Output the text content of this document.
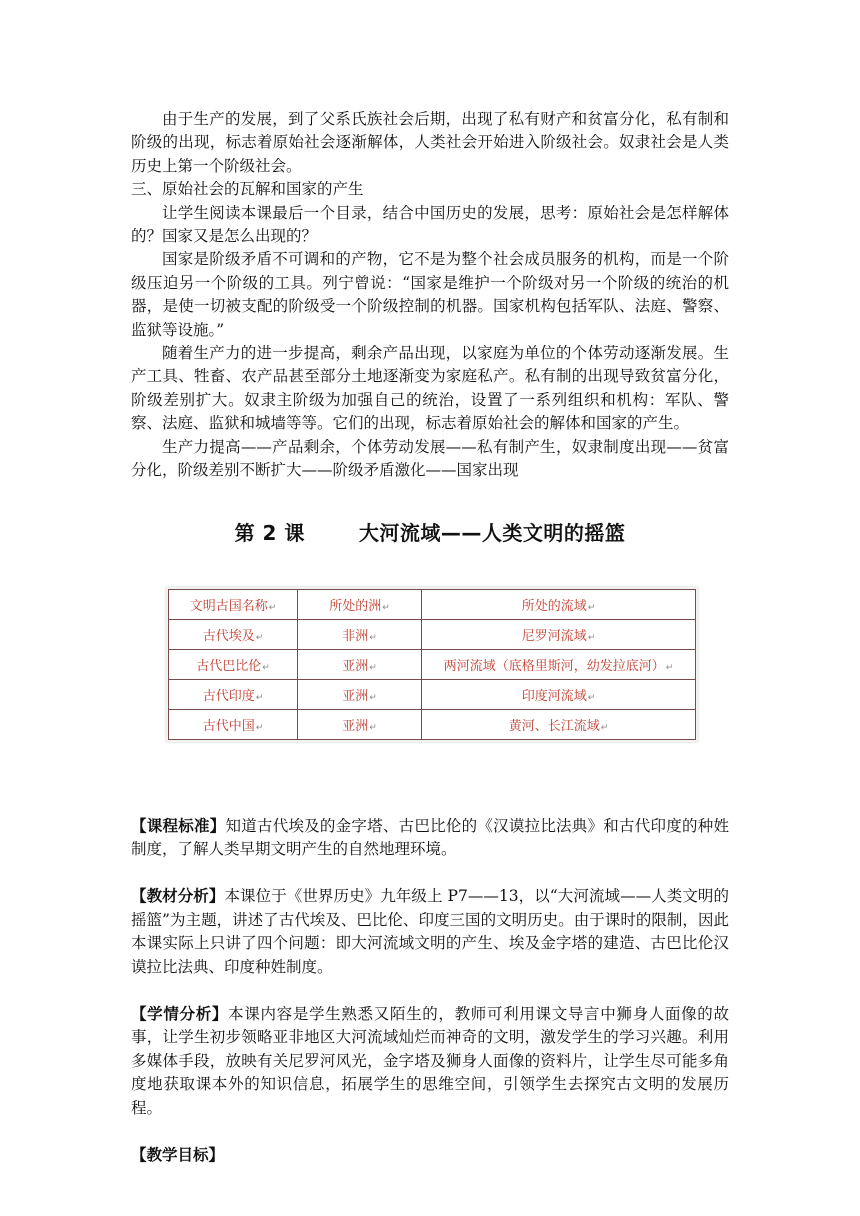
由于生产的发展，到了父系氏族社会后期，出现了私有财产和贫富分化，私有制和阶级的出现，标志着原始社会逐渐解体，人类社会开始进入阶级社会。奴隶社会是人类历史上第一个阶级社会。

三、原始社会的瓦解和国家的产生

让学生阅读本课最后一个目录，结合中国历史的发展，思考：原始社会是怎样解体的？国家又是怎么出现的？

国家是阶级矛盾不可调和的产物，它不是为整个社会成员服务的机构，而是一个阶级压迫另一个阶级的工具。列宁曾说：“国家是维护一个阶级对另一个阶级的统治的机器，是使一切被支配的阶级受一个阶级控制的机器。国家机构包括军队、法庭、警察、监狱等设施。”

随着生产力的进一步提高，剩余产品出现，以家庭为单位的个体劳动逐渐发展。生产工具、牲畜、农产品甚至部分土地逐渐变为家庭私产。私有制的出现导致贫富分化，阶级差别扩大。奴隶主阶级为加强自己的统治，设置了一系列组织和机构：军队、警察、法庭、监狱和城墙等等。它们的出现，标志着原始社会的解体和国家的产生。

生产力提高——产品剩余，个体劳动发展——私有制产生，奴隶制度出现——贫富分化，阶级差别不断扩大——阶级矛盾激化——国家出现

第 2 课	大河流域——人类文明的摇篮
文明古国名称↵	所处的洲↵	所处的流域↵
古代埃及↵	非洲↵	尼罗河流域↵
古代巴比伦↵	亚洲↵	两河流域（底格里斯河，幼发拉底河）↵
古代印度↵	亚洲↵	印度河流域↵
古代中国↵	亚洲↵	黄河、长江流域↵

【课程标准】知道古代埃及的金字塔、古巴比伦的《汉谟拉比法典》和古代印度的种姓制度，了解人类早期文明产生的自然地理环境。

【教材分析】本课位于《世界历史》九年级上 P7——13，以“大河流域——人类文明的摇篮”为主题，讲述了古代埃及、巴比伦、印度三国的文明历史。由于课时的限制，因此本课实际上只讲了四个问题：即大河流域文明的产生、埃及金字塔的建造、古巴比伦汉谟拉比法典、印度种姓制度。

【学情分析】本课内容是学生熟悉又陌生的，教师可利用课文导言中狮身人面像的故事，让学生初步领略亚非地区大河流域灿烂而神奇的文明，激发学生的学习兴趣。利用多媒体手段，放映有关尼罗河风光，金字塔及狮身人面像的资料片，让学生尽可能多角度地获取课本外的知识信息，拓展学生的思维空间，引领学生去探究古文明的发展历程。

【教学目标】
